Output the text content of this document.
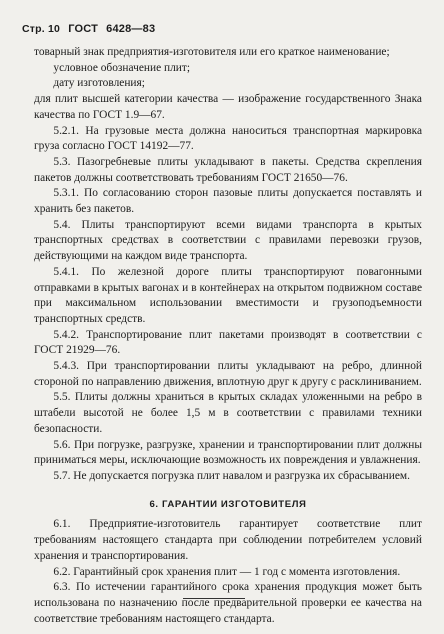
Стр. 10 ГОСТ 6428—83

товарный знак предприятия-изготовителя или его краткое наименование;

условное обозначение плит;

дату изготовления;

для плит высшей категории качества — изображение государственного Знака качества по ГОСТ 1.9—67.

5.2.1. На грузовые места должна наноситься транспортная маркировка груза согласно ГОСТ 14192—77.

5.3. Пазогребневые плиты укладывают в пакеты. Средства скрепления пакетов должны соответствовать требованиям ГОСТ 21650—76.

5.3.1. По согласованию сторон пазовые плиты допускается поставлять и хранить без пакетов.

5.4. Плиты транспортируют всеми видами транспорта в крытых транспортных средствах в соответствии с правилами перевозки грузов, действующими на каждом виде транспорта.

5.4.1. По железной дороге плиты транспортируют повагонными отправками в крытых вагонах и в контейнерах на открытом подвижном составе при максимальном использовании вместимости и грузоподъемности транспортных средств.

5.4.2. Транспортирование плит пакетами производят в соответствии с ГОСТ 21929—76.

5.4.3. При транспортировании плиты укладывают на ребро, длинной стороной по направлению движения, вплотную друг к другу с расклиниванием.

5.5. Плиты должны храниться в крытых складах уложенными на ребро в штабели высотой не более 1,5 м в соответствии с правилами техники безопасности.

5.6. При погрузке, разгрузке, хранении и транспортировании плит должны приниматься меры, исключающие возможность их повреждения и увлажнения.

5.7. Не допускается погрузка плит навалом и разгрузка их сбрасыванием.

6. ГАРАНТИИ ИЗГОТОВИТЕЛЯ

6.1. Предприятие-изготовитель гарантирует соответствие плит требованиям настоящего стандарта при соблюдении потребителем условий хранения и транспортирования.

6.2. Гарантийный срок хранения плит — 1 год с момента изготовления.

6.3. По истечении гарантийного срока хранения продукция может быть использована по назначению после предварительной проверки ее качества на соответствие требованиям настоящего стандарта.
